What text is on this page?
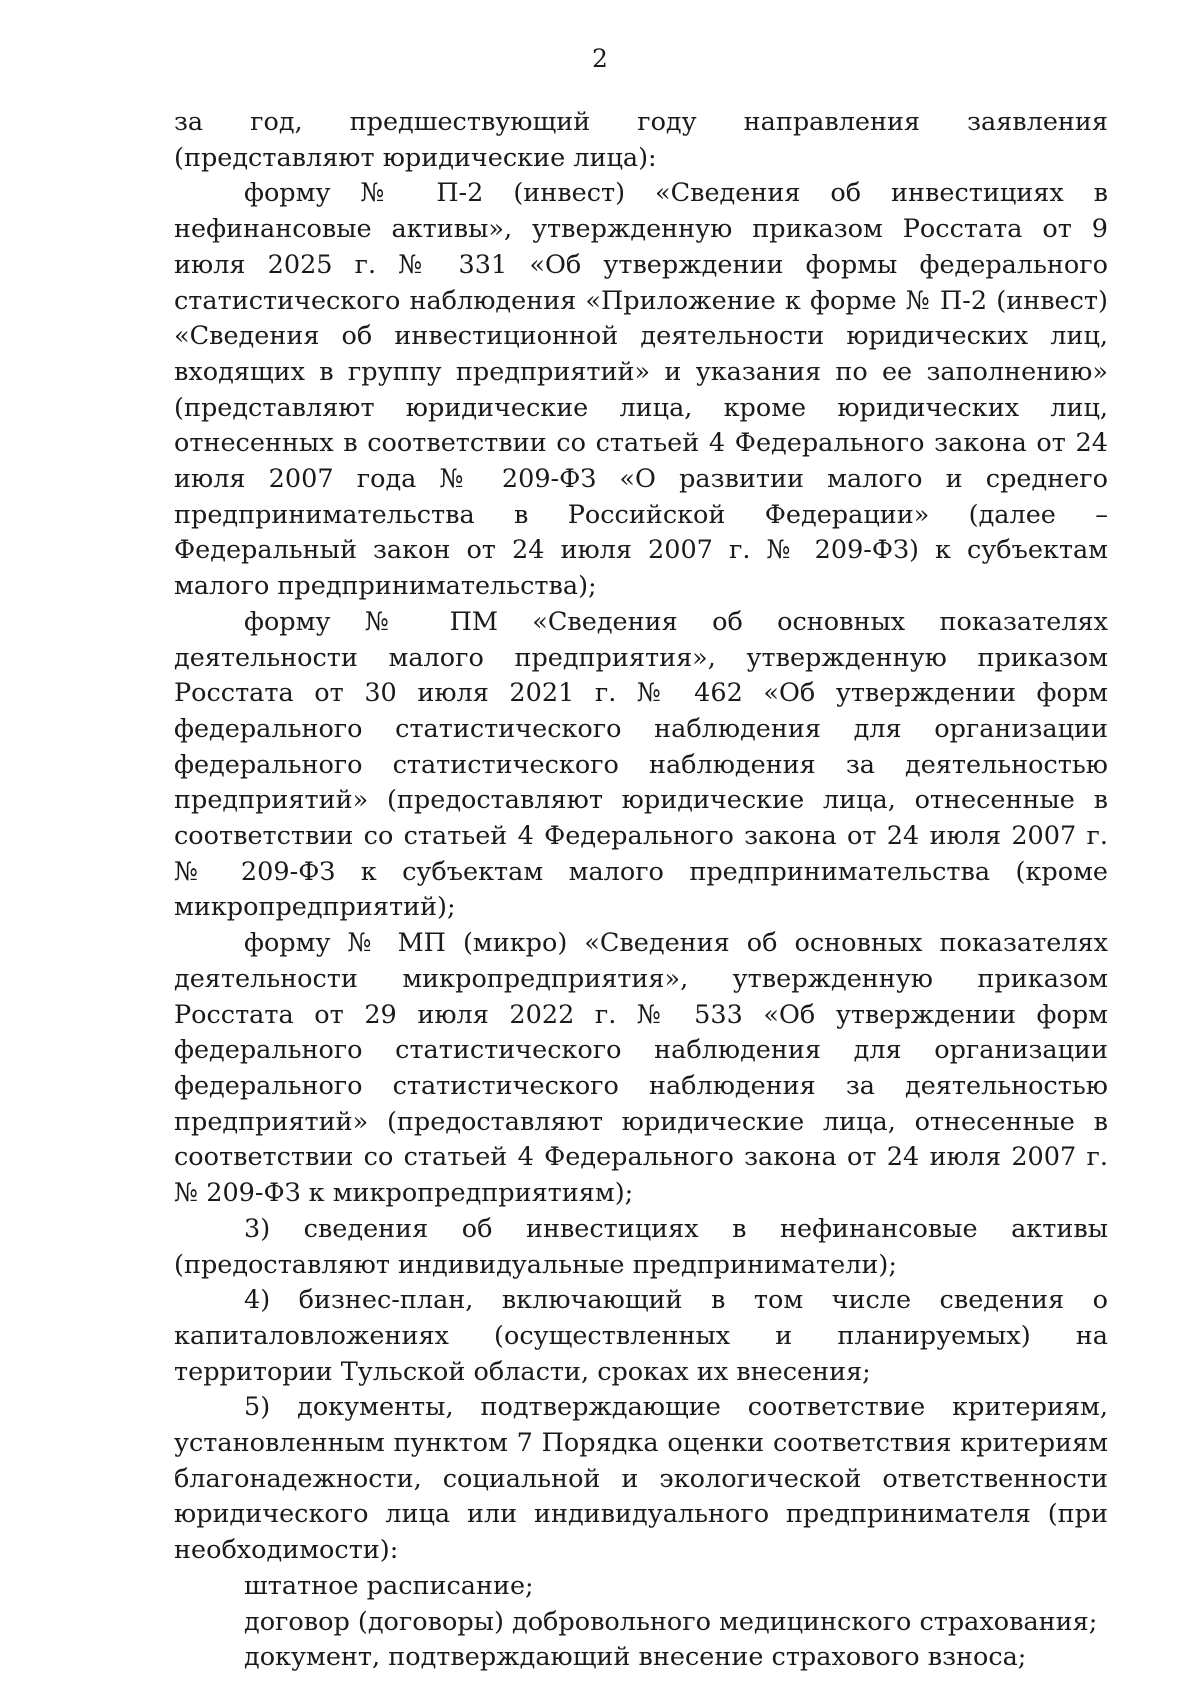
2

за год, предшествующий году направления заявления (представляют юридические лица):

форму № П-2 (инвест) «Сведения об инвестициях в нефинансовые активы», утвержденную приказом Росстата от 9 июля 2025 г. № 331 «Об утверждении формы федерального статистического наблюдения «Приложение к форме № П-2 (инвест) «Сведения об инвестиционной деятельности юридических лиц, входящих в группу предприятий» и указания по ее заполнению» (представляют юридические лица, кроме юридических лиц, отнесенных в соответствии со статьей 4 Федерального закона от 24 июля 2007 года № 209-ФЗ «О развитии малого и среднего предпринимательства в Российской Федерации» (далее – Федеральный закон от 24 июля 2007 г. № 209-ФЗ) к субъектам малого предпринимательства);

форму № ПМ «Сведения об основных показателях деятельности малого предприятия», утвержденную приказом Росстата от 30 июля 2021 г. № 462 «Об утверждении форм федерального статистического наблюдения для организации федерального статистического наблюдения за деятельностью предприятий» (предоставляют юридические лица, отнесенные в соответствии со статьей 4 Федерального закона от 24 июля 2007 г. № 209-ФЗ к субъектам малого предпринимательства (кроме микропредприятий);

форму № МП (микро) «Сведения об основных показателях деятельности микропредприятия», утвержденную приказом Росстата от 29 июля 2022 г. № 533 «Об утверждении форм федерального статистического наблюдения для организации федерального статистического наблюдения за деятельностью предприятий» (предоставляют юридические лица, отнесенные в соответствии со статьей 4 Федерального закона от 24 июля 2007 г. № 209-ФЗ к микропредприятиям);

3) сведения об инвестициях в нефинансовые активы (предоставляют индивидуальные предприниматели);

4) бизнес-план, включающий в том числе сведения о капиталовложениях (осуществленных и планируемых) на территории Тульской области, сроках их внесения;

5) документы, подтверждающие соответствие критериям, установленным пунктом 7 Порядка оценки соответствия критериям благонадежности, социальной и экологической ответственности юридического лица или индивидуального предпринимателя (при необходимости):

штатное расписание;

договор (договоры) добровольного медицинского страхования;

документ, подтверждающий внесение страхового взноса;
